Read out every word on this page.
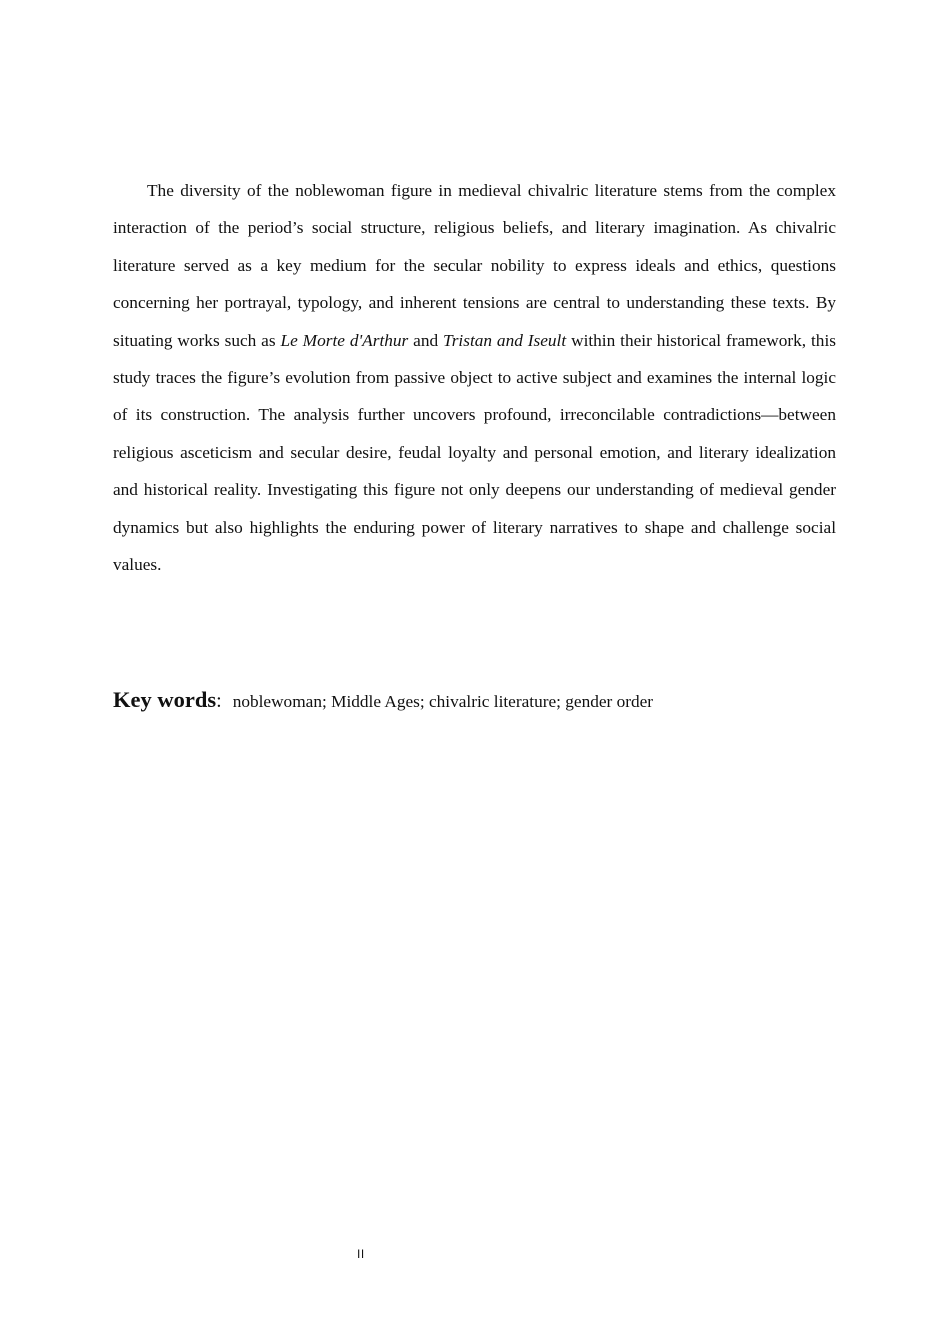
The diversity of the noblewoman figure in medieval chivalric literature stems from the complex interaction of the period’s social structure, religious beliefs, and literary imagination. As chivalric literature served as a key medium for the secular nobility to express ideals and ethics, questions concerning her portrayal, typology, and inherent tensions are central to understanding these texts. By situating works such as Le Morte d'Arthur and Tristan and Iseult within their historical framework, this study traces the figure’s evolution from passive object to active subject and examines the internal logic of its construction. The analysis further uncovers profound, irreconcilable contradictions—between religious asceticism and secular desire, feudal loyalty and personal emotion, and literary idealization and historical reality. Investigating this figure not only deepens our understanding of medieval gender dynamics but also highlights the enduring power of literary narratives to shape and challenge social values.

Key words: noblewoman; Middle Ages; chivalric literature; gender order

II
